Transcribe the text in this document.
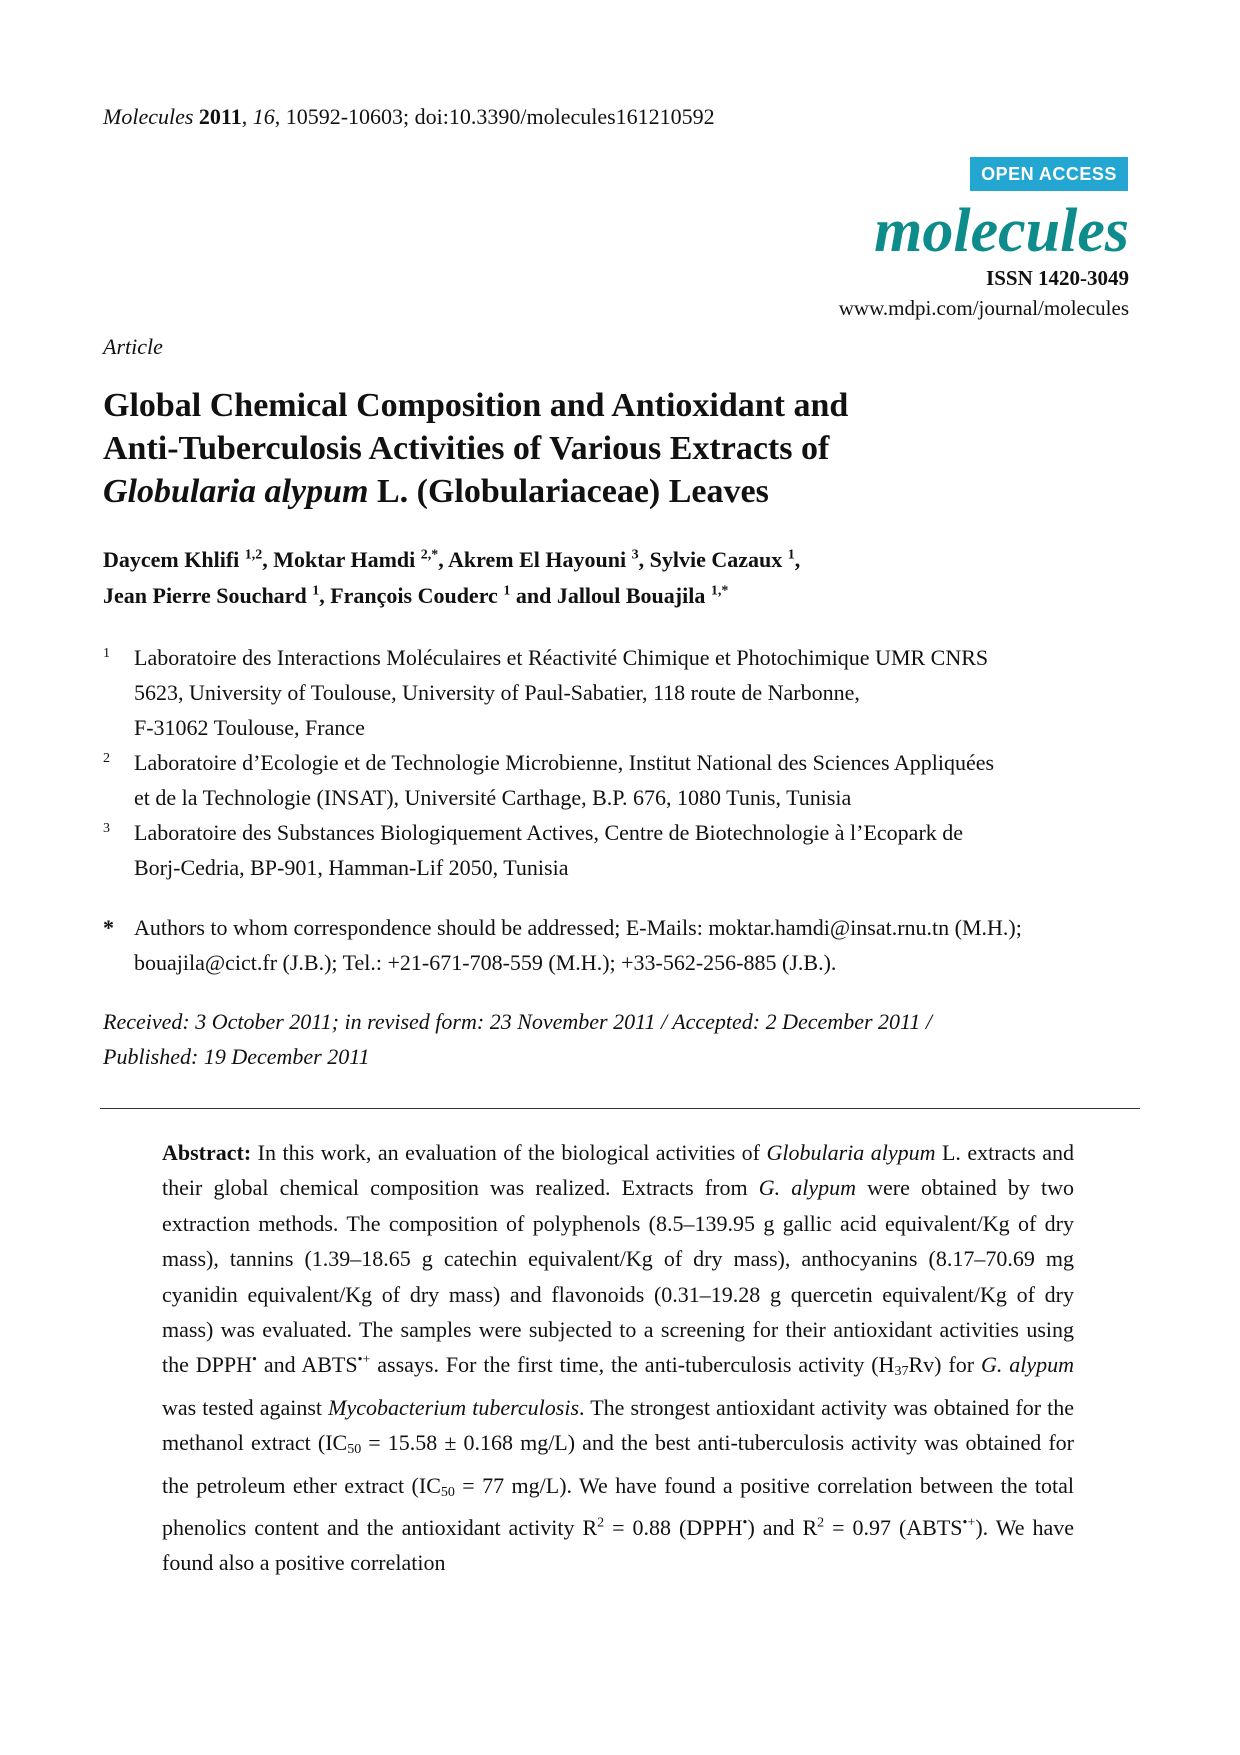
Molecules 2011, 16, 10592-10603; doi:10.3390/molecules161210592
OPEN ACCESS
molecules
ISSN 1420-3049
www.mdpi.com/journal/molecules
Article
Global Chemical Composition and Antioxidant and
Anti-Tuberculosis Activities of Various Extracts of
Globularia alypum L. (Globulariaceae) Leaves
Daycem Khlifi $^{1,2}$, Moktar Hamdi $^{2,*}$, Akrem El Hayouni $^3$, Sylvie Cazaux $^1$,
Jean Pierre Souchard $^1$, François Couderc $^1$ and Jalloul Bouajila $^{1,*}$
1 Laboratoire des Interactions Moléculaires et Réactivité Chimique et Photochimique UMR CNRS
5623, University of Toulouse, University of Paul-Sabatier, 118 route de Narbonne,
F-31062 Toulouse, France
2 Laboratoire d’Ecologie et de Technologie Microbienne, Institut National des Sciences Appliquées
et de la Technologie (INSAT), Université Carthage, B.P. 676, 1080 Tunis, Tunisia
3 Laboratoire des Substances Biologiquement Actives, Centre de Biotechnologie à l’Ecopark de
Borj-Cedria, BP-901, Hamman-Lif 2050, Tunisia
* Authors to whom correspondence should be addressed; E-Mails: moktar.hamdi@insat.rnu.tn (M.H.);
bouajila@cict.fr (J.B.); Tel.: +21-671-708-559 (M.H.); +33-562-256-885 (J.B.).
Received: 3 October 2011; in revised form: 23 November 2011 / Accepted: 2 December 2011 /
Published: 19 December 2011
Abstract: In this work, an evaluation of the biological activities of Globularia alypum L. extracts and their global chemical composition was realized. Extracts from G. alypum were obtained by two extraction methods. The composition of polyphenols (8.5–139.95 g gallic acid equivalent/Kg of dry mass), tannins (1.39–18.65 g catechin equivalent/Kg of dry mass), anthocyanins (8.17–70.69 mg cyanidin equivalent/Kg of dry mass) and flavonoids (0.31–19.28 g quercetin equivalent/Kg of dry mass) was evaluated. The samples were subjected to a screening for their antioxidant activities using the DPPH• and ABTS•+ assays. For the first time, the anti-tuberculosis activity $(H_{37}Rv)$ for G. alypum was tested against Mycobacterium tuberculosis. The strongest antioxidant activity was obtained for the methanol extract ($IC_{50} = 15.58 \pm 0.168$ mg/L) and the best anti-tuberculosis activity was obtained for the petroleum ether extract ($IC_{50} = 77$ mg/L). We have found a positive correlation between the total phenolics content and the antioxidant activity $R^2 = 0.88$ (DPPH•) and $R^2 = 0.97$ (ABTS•+). We have found also a positive correlation
